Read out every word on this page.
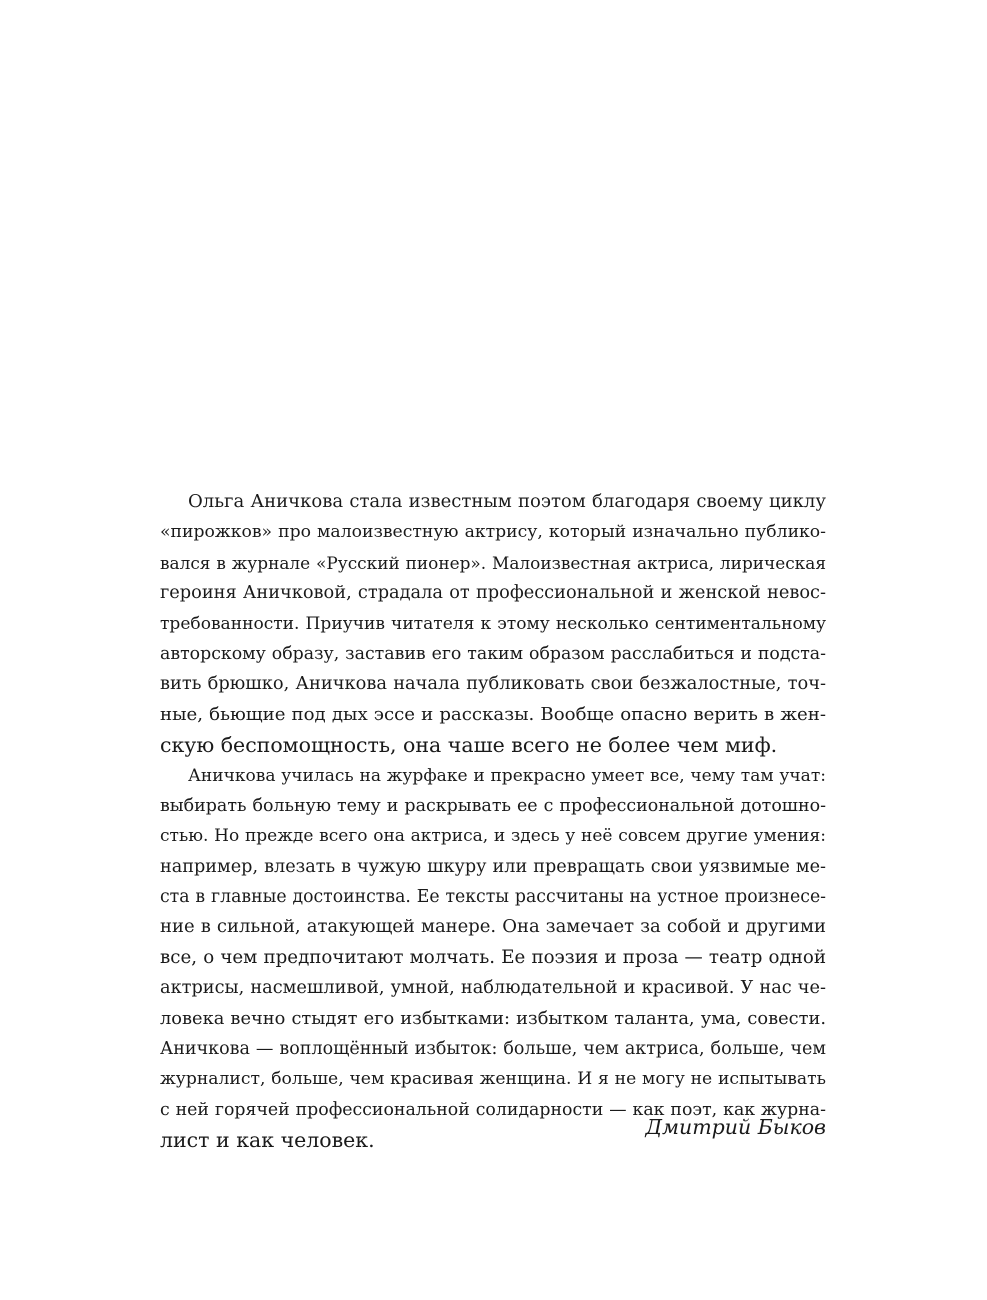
Ольга Аничкова стала известным поэтом благодаря своему циклу
«пирожков» про малоизвестную актрису, который изначально публико-
вался в журнале «Русский пионер». Малоизвестная актриса, лирическая
героиня Аничковой, страдала от профессиональной и женской невос-
требованности. Приучив читателя к этому несколько сентиментальному
авторскому образу, заставив его таким образом расслабиться и подста-
вить брюшко, Аничкова начала публиковать свои безжалостные, точ-
ные, бьющие под дых эссе и рассказы. Вообще опасно верить в жен-
скую беспомощность, она чаше всего не более чем миф.
Аничкова училась на журфаке и прекрасно умеет все, чему там учат:
выбирать больную тему и раскрывать ее с профессиональной дотошно-
стью. Но прежде всего она актриса, и здесь у неё совсем другие умения:
например, влезать в чужую шкуру или превращать свои уязвимые ме-
ста в главные достоинства. Ее тексты рассчитаны на устное произнесе-
ние в сильной, атакующей манере. Она замечает за собой и другими
все, о чем предпочитают молчать. Ее поэзия и проза — театр одной
актрисы, насмешливой, умной, наблюдательной и красивой. У нас че-
ловека вечно стыдят его избытками: избытком таланта, ума, совести.
Аничкова — воплощённый избыток: больше, чем актриса, больше, чем
журналист, больше, чем красивая женщина. И я не могу не испытывать
с ней горячей профессиональной солидарности — как поэт, как журна-
лист и как человек.
Дмитрий Быков
